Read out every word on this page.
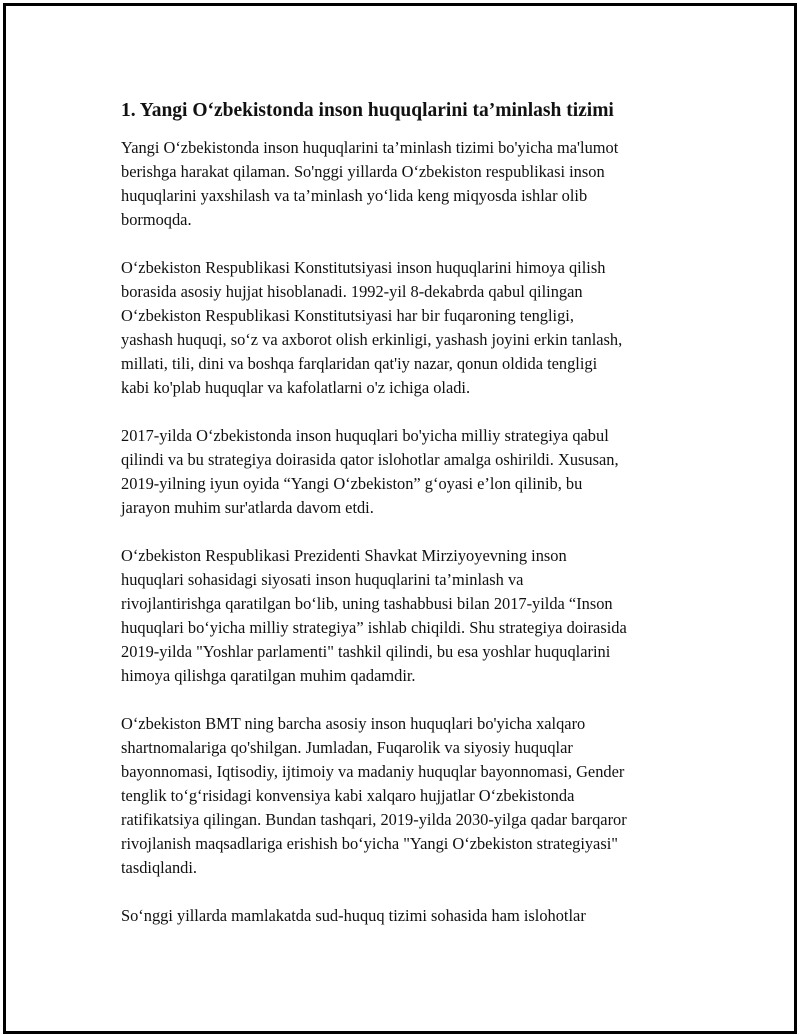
1. Yangi O‘zbekistonda inson huquqlarini ta’minlash tizimi

Yangi O‘zbekistonda inson huquqlarini ta’minlash tizimi bo'yicha ma'lumot
berishga harakat qilaman. So'nggi yillarda O‘zbekiston respublikasi inson
huquqlarini yaxshilash va ta’minlash yo‘lida keng miqyosda ishlar olib
bormoqda.

O‘zbekiston Respublikasi Konstitutsiyasi inson huquqlarini himoya qilish
borasida asosiy hujjat hisoblanadi. 1992-yil 8-dekabrda qabul qilingan
O‘zbekiston Respublikasi Konstitutsiyasi har bir fuqaroning tengligi,
yashash huquqi, so‘z va axborot olish erkinligi, yashash joyini erkin tanlash,
millati, tili, dini va boshqa farqlaridan qat'iy nazar, qonun oldida tengligi
kabi ko'plab huquqlar va kafolatlarni o'z ichiga oladi.

2017-yilda O‘zbekistonda inson huquqlari bo'yicha milliy strategiya qabul
qilindi va bu strategiya doirasida qator islohotlar amalga oshirildi. Xususan,
2019-yilning iyun oyida “Yangi O‘zbekiston” g‘oyasi e’lon qilinib, bu
jarayon muhim sur'atlarda davom etdi.

O‘zbekiston Respublikasi Prezidenti Shavkat Mirziyoyevning inson
huquqlari sohasidagi siyosati inson huquqlarini ta’minlash va
rivojlantirishga qaratilgan bo‘lib, uning tashabbusi bilan 2017-yilda “Inson
huquqlari bo‘yicha milliy strategiya” ishlab chiqildi. Shu strategiya doirasida
2019-yilda "Yoshlar parlamenti" tashkil qilindi, bu esa yoshlar huquqlarini
himoya qilishga qaratilgan muhim qadamdir.

O‘zbekiston BMT ning barcha asosiy inson huquqlari bo'yicha xalqaro
shartnomalariga qo'shilgan. Jumladan, Fuqarolik va siyosiy huquqlar
bayonnomasi, Iqtisodiy, ijtimoiy va madaniy huquqlar bayonnomasi, Gender
tenglik to‘g‘risidagi konvensiya kabi xalqaro hujjatlar O‘zbekistonda
ratifikatsiya qilingan. Bundan tashqari, 2019-yilda 2030-yilga qadar barqaror
rivojlanish maqsadlariga erishish bo‘yicha "Yangi O‘zbekiston strategiyasi"
tasdiqlandi.

So‘nggi yillarda mamlakatda sud-huquq tizimi sohasida ham islohotlar
